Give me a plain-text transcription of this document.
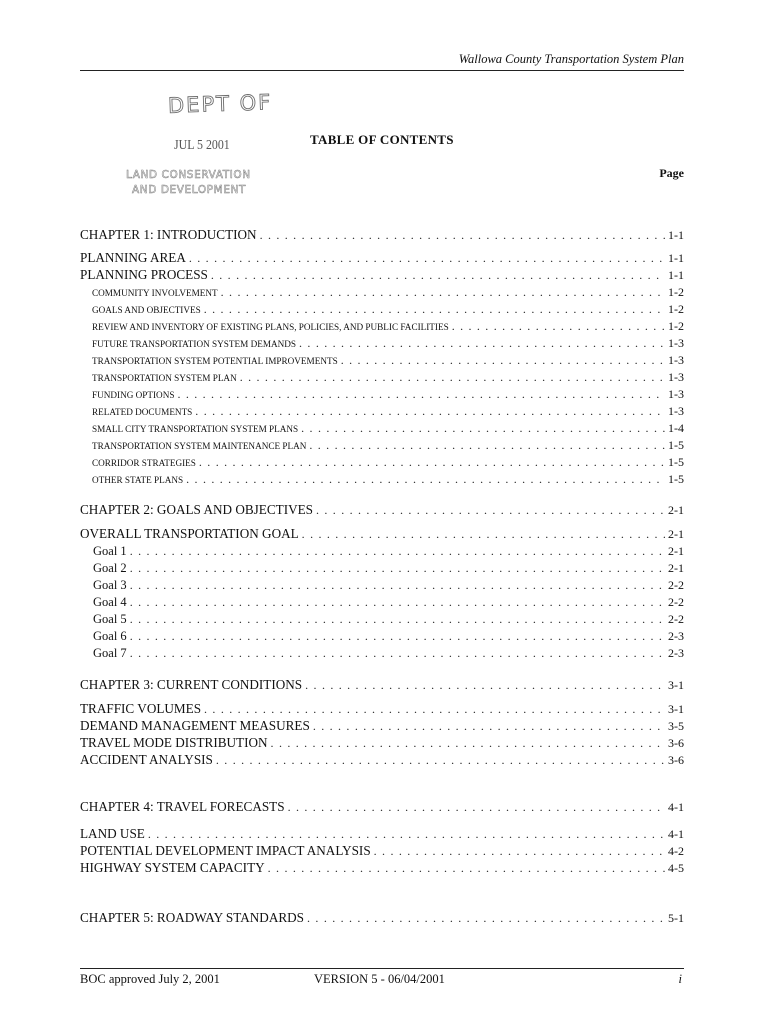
Wallowa County Transportation System Plan
DEPT OF
JUL 5 2001
LAND CONSERVATION
AND DEVELOPMENT
TABLE OF CONTENTS
Page
CHAPTER 1: INTRODUCTION . . .	1-1
PLANNING AREA . . .	1-1
PLANNING PROCESS . . .	1-1
COMMUNITY INVOLVEMENT . . .	1-2
GOALS AND OBJECTIVES . . .	1-2
REVIEW AND INVENTORY OF EXISTING PLANS, POLICIES, AND PUBLIC FACILITIES . . .	1-2
FUTURE TRANSPORTATION SYSTEM DEMANDS . . .	1-3
TRANSPORTATION SYSTEM POTENTIAL IMPROVEMENTS . . .	1-3
TRANSPORTATION SYSTEM PLAN . . .	1-3
FUNDING OPTIONS . . .	1-3
RELATED DOCUMENTS . . .	1-3
SMALL CITY TRANSPORTATION SYSTEM PLANS . . .	1-4
TRANSPORTATION SYSTEM MAINTENANCE PLAN . . .	1-5
CORRIDOR STRATEGIES . . .	1-5
OTHER STATE PLANS . . .	1-5
CHAPTER 2: GOALS AND OBJECTIVES . . .	2-1
OVERALL TRANSPORTATION GOAL . . .	2-1
Goal 1 . . .	2-1
Goal 2 . . .	2-1
Goal 3 . . .	2-2
Goal 4 . . .	2-2
Goal 5 . . .	2-2
Goal 6 . . .	2-3
Goal 7 . . .	2-3
CHAPTER 3: CURRENT CONDITIONS . . .	3-1
TRAFFIC VOLUMES . . .	3-1
DEMAND MANAGEMENT MEASURES . . .	3-5
TRAVEL MODE DISTRIBUTION . . .	3-6
ACCIDENT ANALYSIS . . .	3-6
CHAPTER 4: TRAVEL FORECASTS . . .	4-1
LAND USE . . .	4-1
POTENTIAL DEVELOPMENT IMPACT ANALYSIS . . .	4-2
HIGHWAY SYSTEM CAPACITY . . .	4-5
CHAPTER 5: ROADWAY STANDARDS . . .	5-1
BOC approved July 2, 2001	VERSION 5 - 06/04/2001	i
